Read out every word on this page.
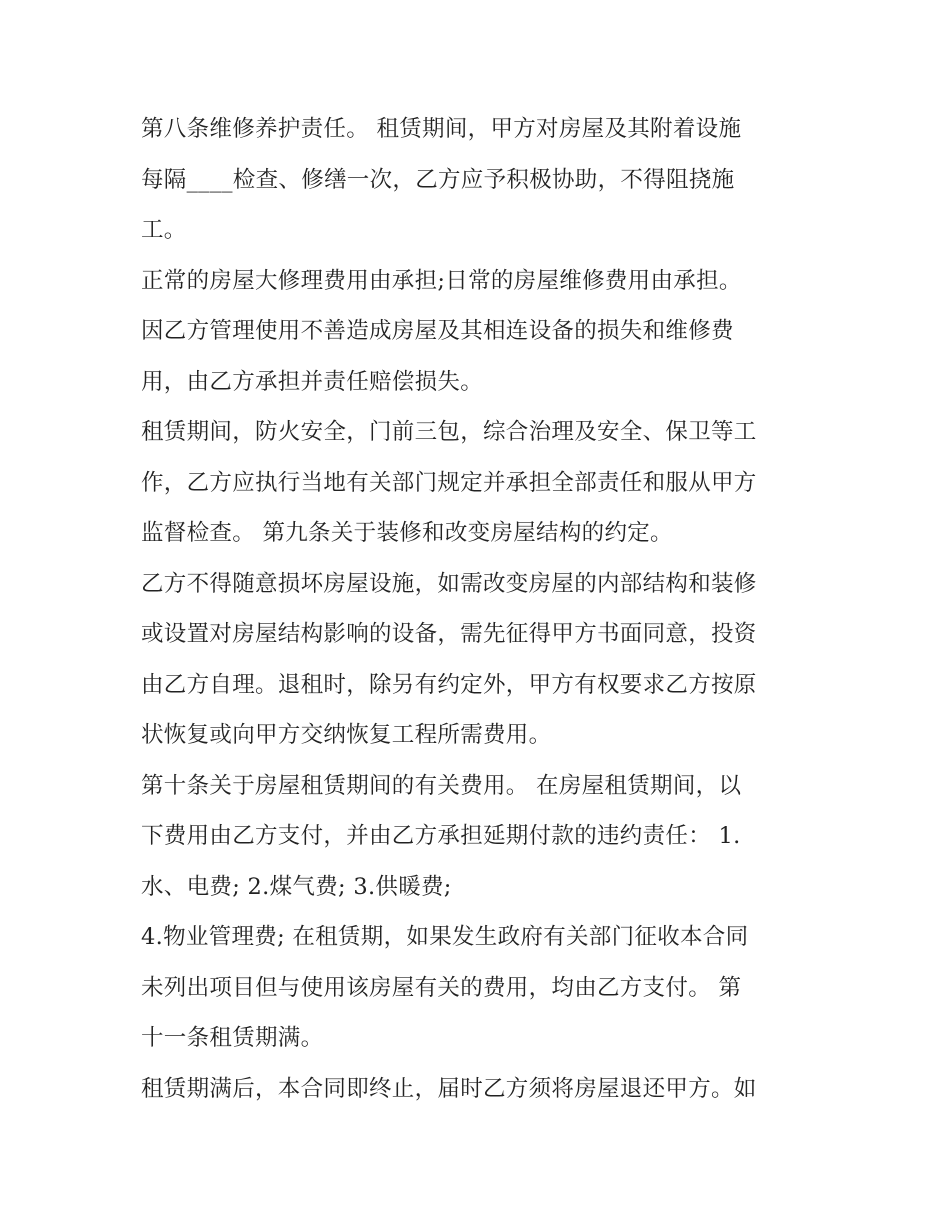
第八条维修养护责任。 租赁期间，甲方对房屋及其附着设施
每隔____检查、修缮一次，乙方应予积极协助，不得阻挠施
工。

正常的房屋大修理费用由承担;日常的房屋维修费用由承担。
因乙方管理使用不善造成房屋及其相连设备的损失和维修费
用，由乙方承担并责任赔偿损失。

租赁期间，防火安全，门前三包，综合治理及安全、保卫等工
作，乙方应执行当地有关部门规定并承担全部责任和服从甲方
监督检查。 第九条关于装修和改变房屋结构的约定。

乙方不得随意损坏房屋设施，如需改变房屋的内部结构和装修
或设置对房屋结构影响的设备，需先征得甲方书面同意，投资
由乙方自理。退租时，除另有约定外，甲方有权要求乙方按原
状恢复或向甲方交纳恢复工程所需费用。

第十条关于房屋租赁期间的有关费用。 在房屋租赁期间，以
下费用由乙方支付，并由乙方承担延期付款的违约责任： 1.
水、电费; 2.煤气费; 3.供暖费;

4.物业管理费; 在租赁期，如果发生政府有关部门征收本合同
未列出项目但与使用该房屋有关的费用，均由乙方支付。 第
十一条租赁期满。

租赁期满后，本合同即终止，届时乙方须将房屋退还甲方。如
